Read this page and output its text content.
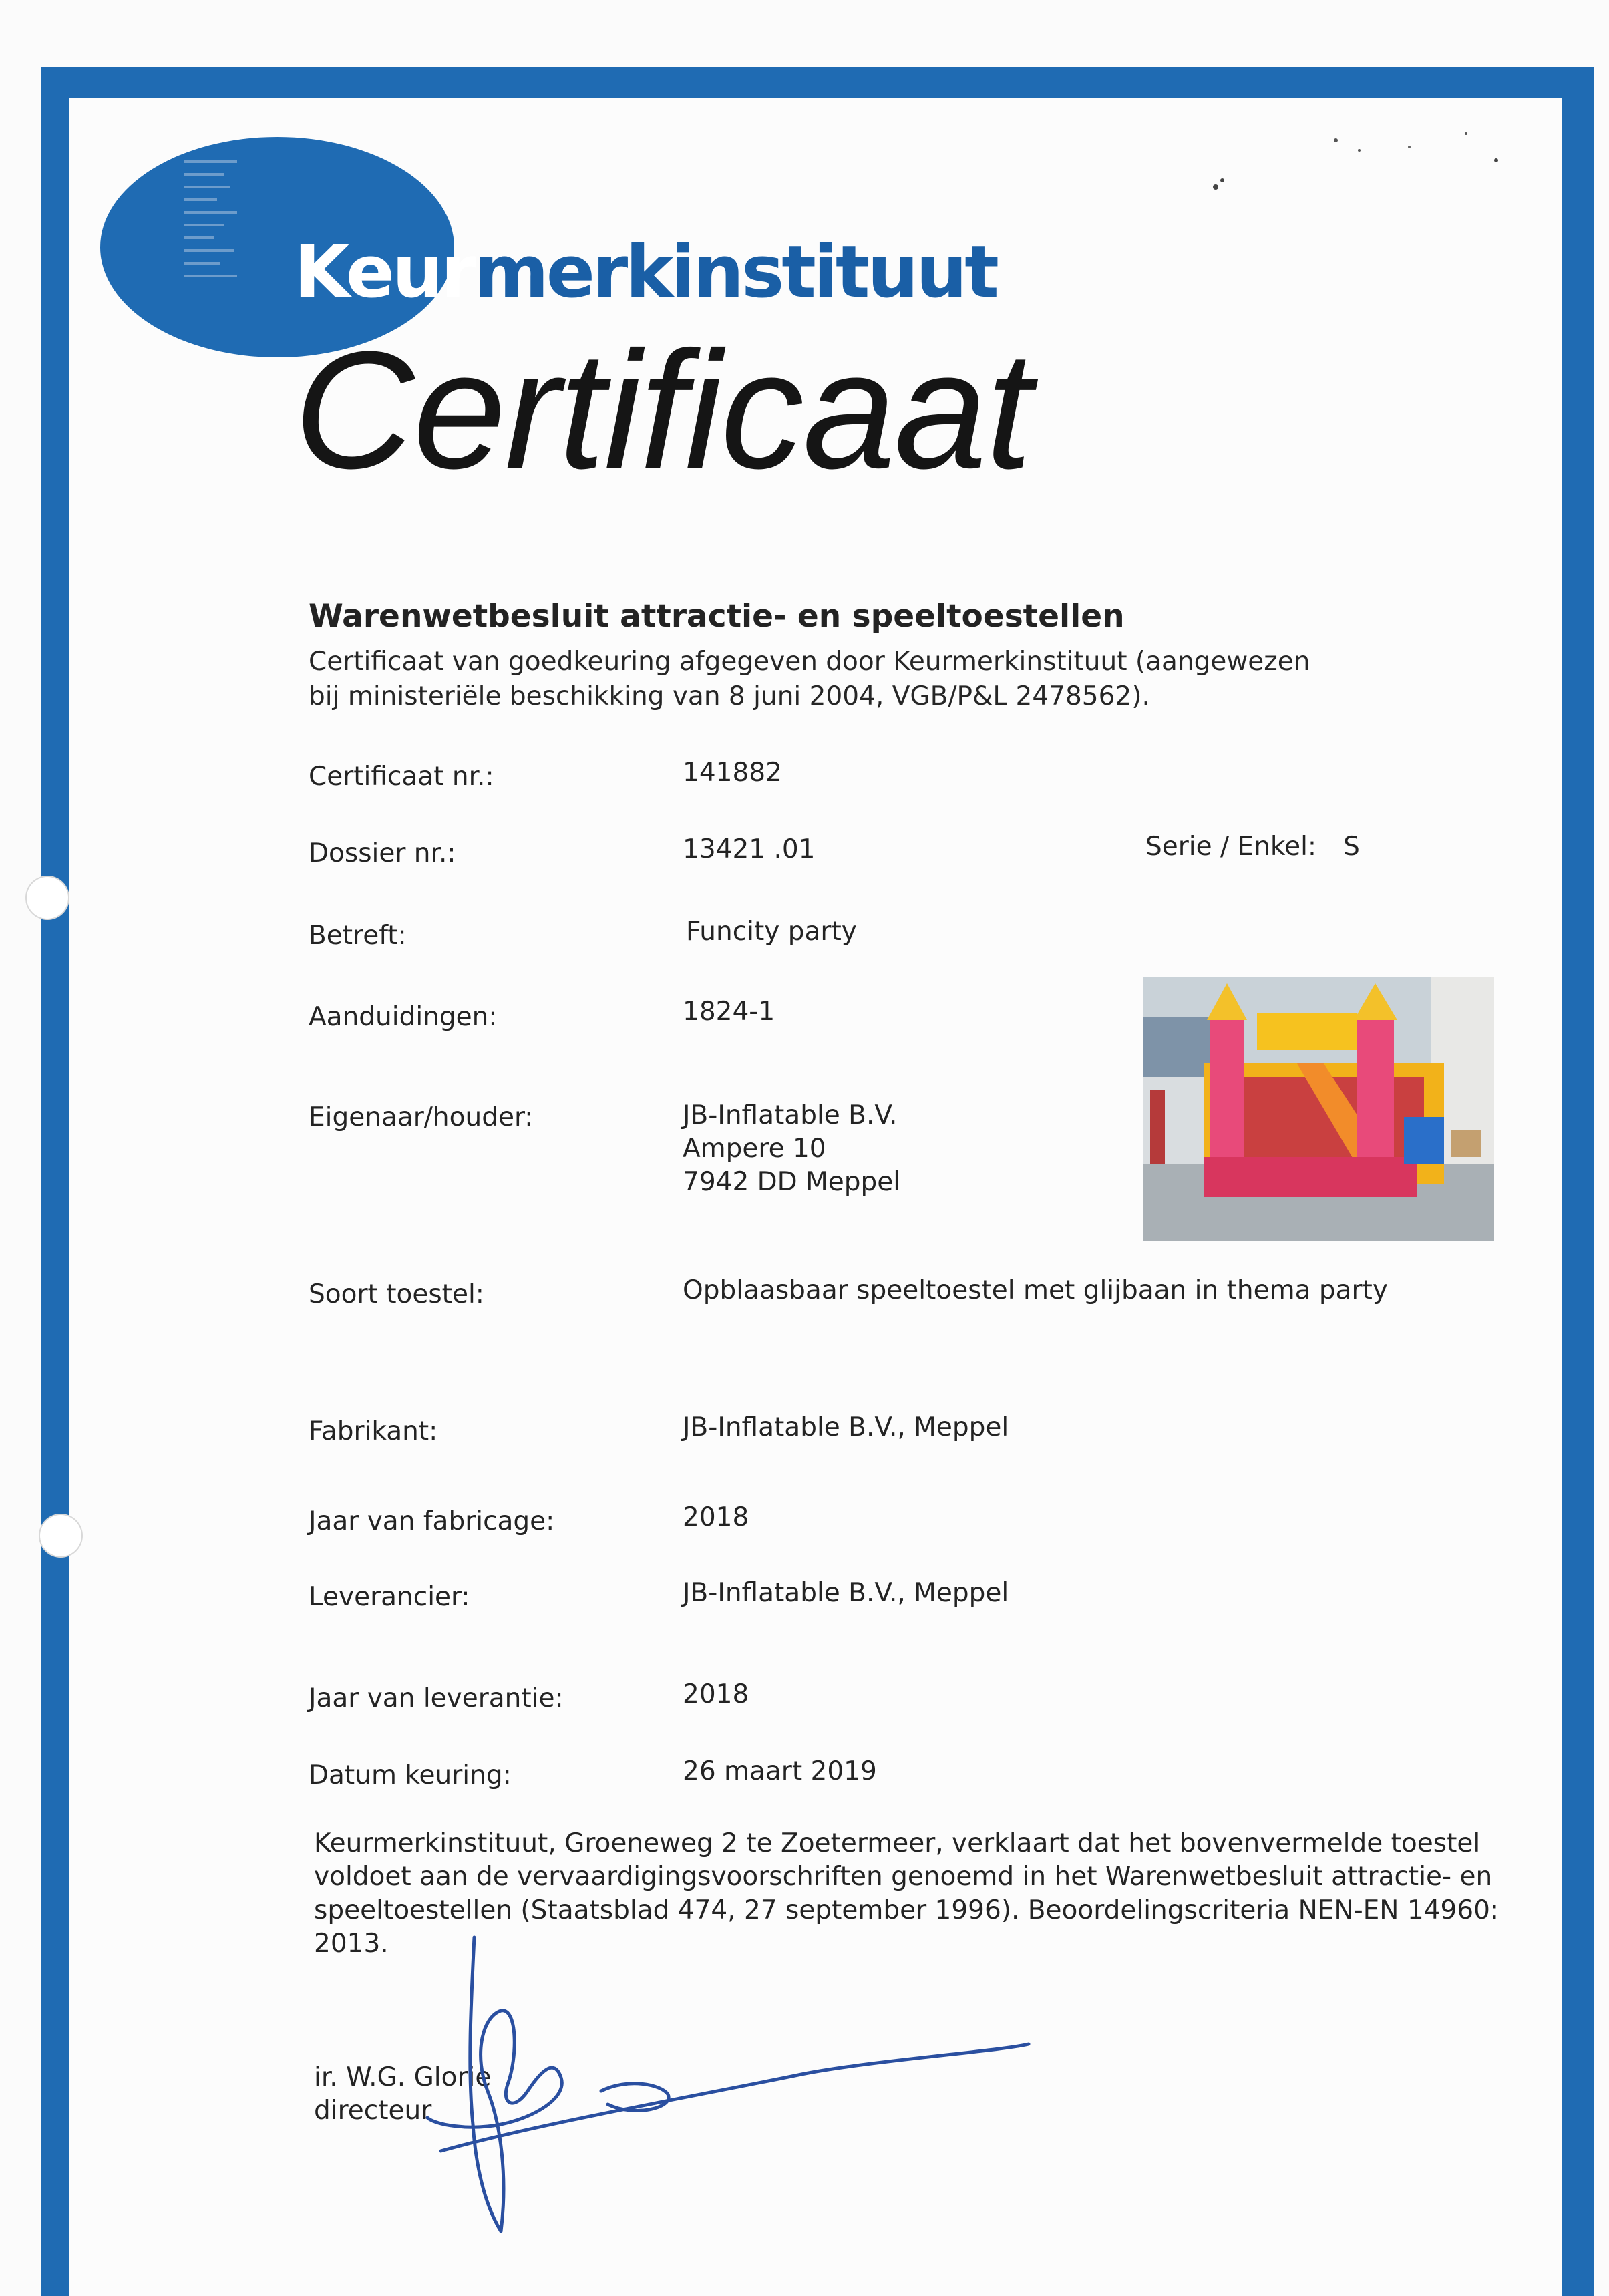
Keurmerkinstituut
Certificaat
Warenwetbesluit attractie- en speeltoestellen
Certificaat van goedkeuring afgegeven door Keurmerkinstituut (aangewezen
bij ministeriële beschikking van 8 juni 2004, VGB/P&L 2478562).
Certificaat nr.:	141882
Dossier nr.:	13421 .01	Serie / Enkel: S
Betreft:	Funcity party
Aanduidingen:	1824-1
Eigenaar/houder:	JB-Inflatable B.V.
Ampere 10
7942 DD Meppel
Soort toestel:	Opblaasbaar speeltoestel met glijbaan in thema party
Fabrikant:	JB-Inflatable B.V., Meppel
Jaar van fabricage:	2018
Leverancier:	JB-Inflatable B.V., Meppel
Jaar van leverantie:	2018
Datum keuring:	26 maart 2019
Keurmerkinstituut, Groeneweg 2 te Zoetermeer, verklaart dat het bovenvermelde toestel
voldoet aan de vervaardigingsvoorschriften genoemd in het Warenwetbesluit attractie- en
speeltoestellen (Staatsblad 474, 27 september 1996). Beoordelingscriteria NEN-EN 14960:
2013.
ir. W.G. Glorie
directeur
